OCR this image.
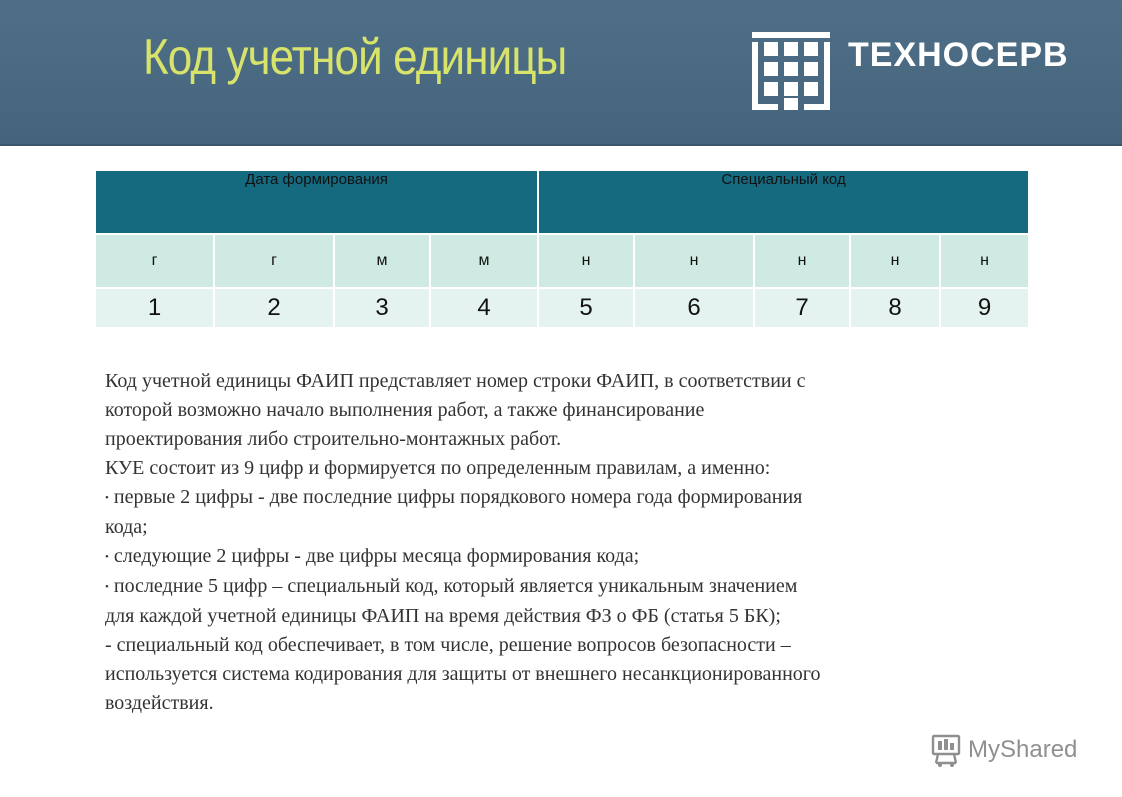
Код учетной единицы	ТЕХНОСЕРВ
Дата формирования				Специальный код				
г	г	м	м	н	н	н	н	н
1	2	3	4	5	6	7	8	9

Код учетной единицы ФАИП представляет номер строки ФАИП, в соответствии с

которой возможно начало выполнения работ, а также финансирование

проектирования либо строительно-монтажных работ.

КУЕ состоит из 9 цифр и формируется по определенным правилам, а именно:

• первые 2 цифры - две последние цифры порядкового номера года формирования

кода;

• следующие 2 цифры - две цифры месяца формирования кода;

• последние 5 цифр – специальный код, который является уникальным значением

для каждой учетной единицы ФАИП на время действия ФЗ о ФБ (статья 5 БК);

- специальный код обеспечивает, в том числе, решение вопросов безопасности –

используется система кодирования для защиты от внешнего несанкционированного

воздействия.

MyShared
